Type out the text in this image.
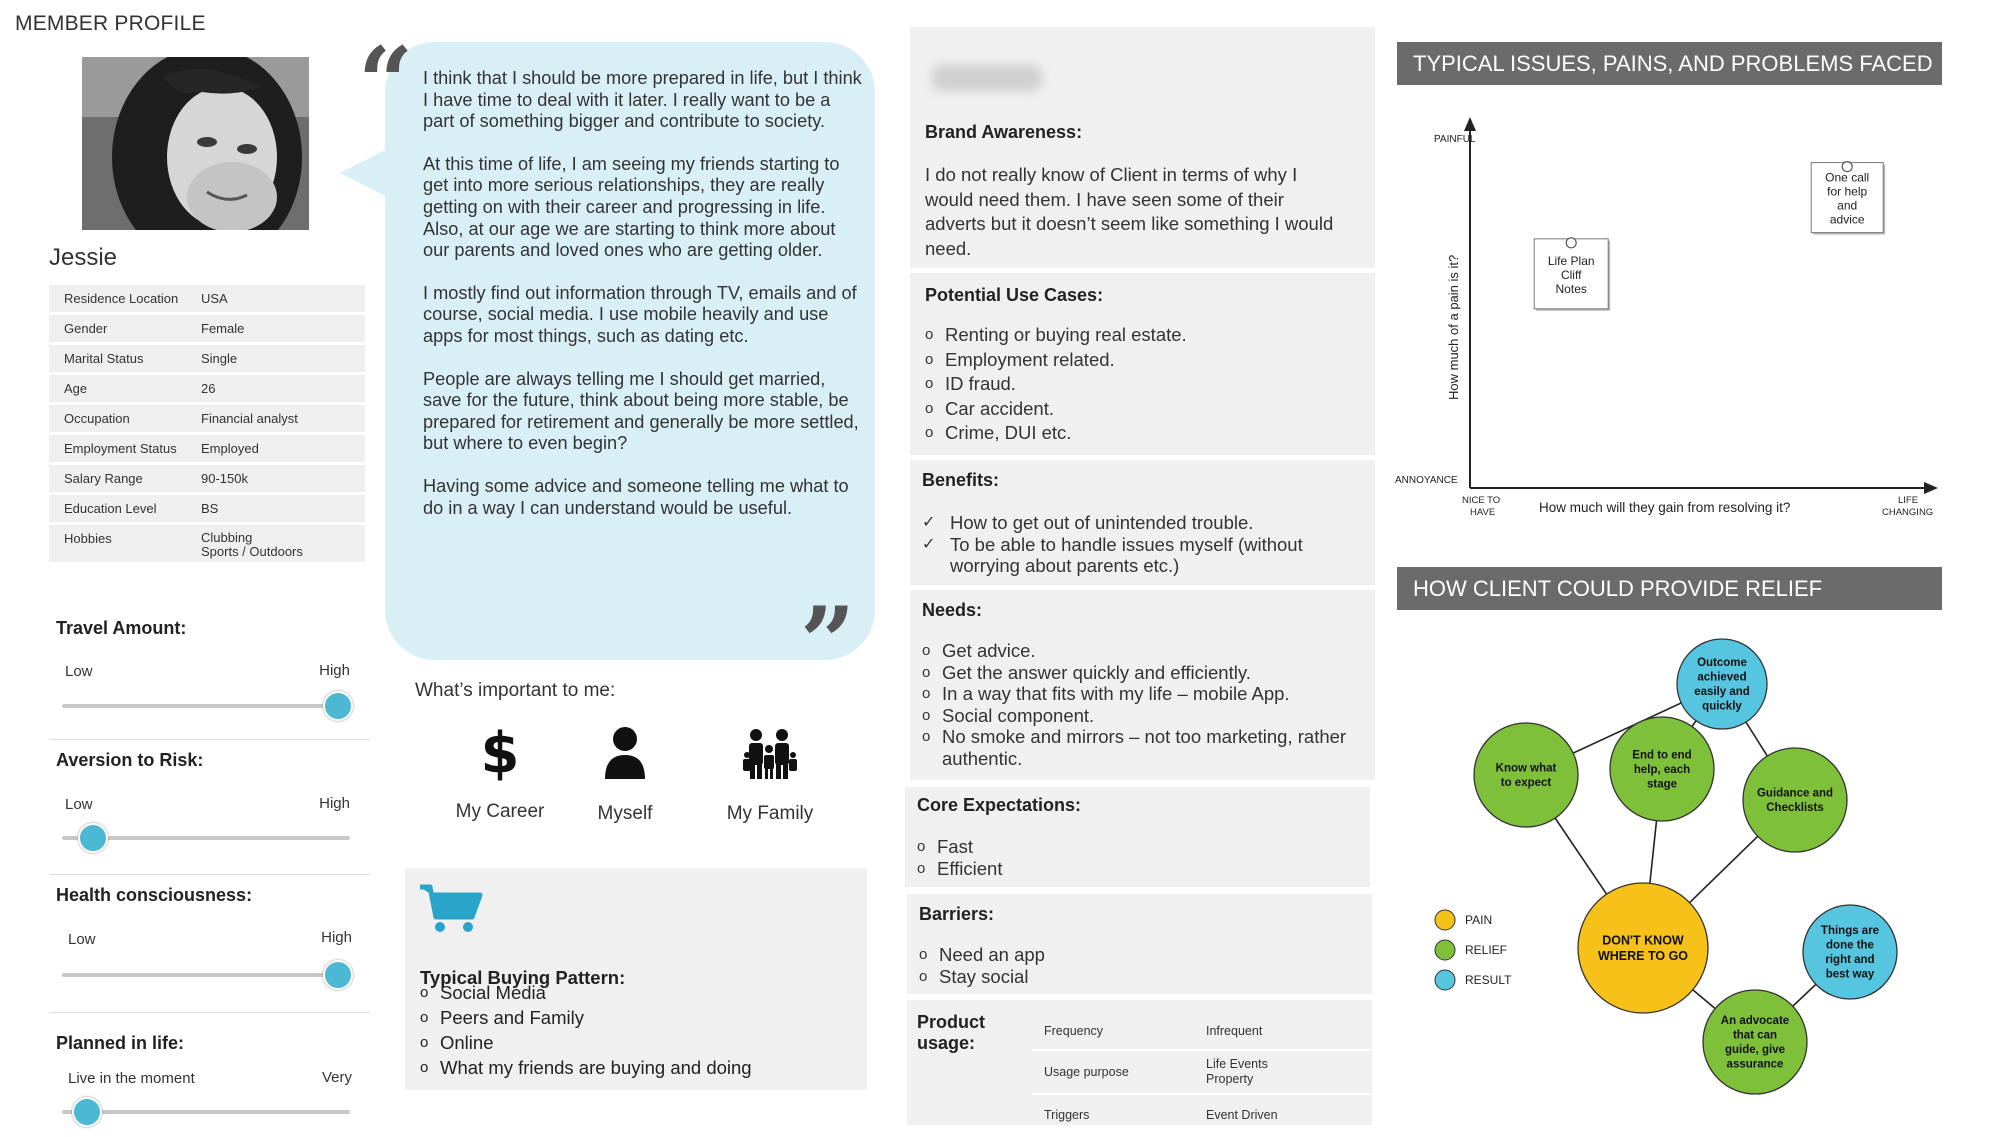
MEMBER PROFILE
Jessie
Residence Location	USA
Gender	Female
Marital Status	Single
Age	26
Occupation	Financial analyst
Employment Status	Employed
Salary Range	90-150k
Education Level	BS
Hobbies	Clubbing
Sports / Outdoors
Travel Amount:
Low	High
Aversion to Risk:
Low	High
Health consciousness:
Low	High
Planned in life:
Live in the moment	Very
“
”

I think that I should be more prepared in life, but I think I have time to deal with it later. I really want to be a part of something bigger and contribute to society.

At this time of life, I am seeing my friends starting to get into more serious relationships, they are really getting on with their career and progressing in life. Also, at our age we are starting to think more about our parents and loved ones who are getting older.

I mostly find out information through TV, emails and of course, social media. I use mobile heavily and use apps for most things, such as dating etc.

People are always telling me I should get married, save for the future, think about being more stable, be prepared for retirement and generally be more settled, but where to even begin?

Having some advice and someone telling me what to do in a way I can understand would be useful.

What’s important to me:
$
My Career	Myself	My Family
Typical Buying Pattern:
o Social Media
o Peers and Family
o Online
o What my friends are buying and doing
Brand Awareness:
I do not really know of Client in terms of why I would need them. I have seen some of their adverts but it doesn’t seem like something I would need.
Potential Use Cases:
o Renting or buying real estate.
o Employment related.
o ID fraud.
o Car accident.
o Crime, DUI etc.
Benefits:
✓ How to get out of unintended trouble.
✓ To be able to handle issues myself (without worrying about parents etc.)
Needs:
o Get advice.
o Get the answer quickly and efficiently.
o In a way that fits with my life – mobile App.
o Social component.
o No smoke and mirrors – not too marketing, rather authentic.
Core Expectations:
o Fast
o Efficient
Barriers:
o Need an app
o Stay social
Product usage:
Frequency	Infrequent
Usage purpose	Life Events
Property

Triggers	Event Driven
TYPICAL ISSUES, PAINS, AND PROBLEMS FACED
PAINFUL
ANNOYANCE
How much of a pain is it?
How much will they gain from resolving it?
NICE TO
HAVE
LIFE
CHANGING
Life Plan
Cliff
Notes
One call
for help
and
advice
HOW CLIENT COULD PROVIDE RELIEF
Outcome
achieved
easily and
quickly
Know what
to expect
End to end
help, each
stage
Guidance and
Checklists
DON'T KNOW
WHERE TO GO
Things are
done the
right and
best way
An advocate
that can
guide, give
assurance
PAIN
RELIEF
RESULT
